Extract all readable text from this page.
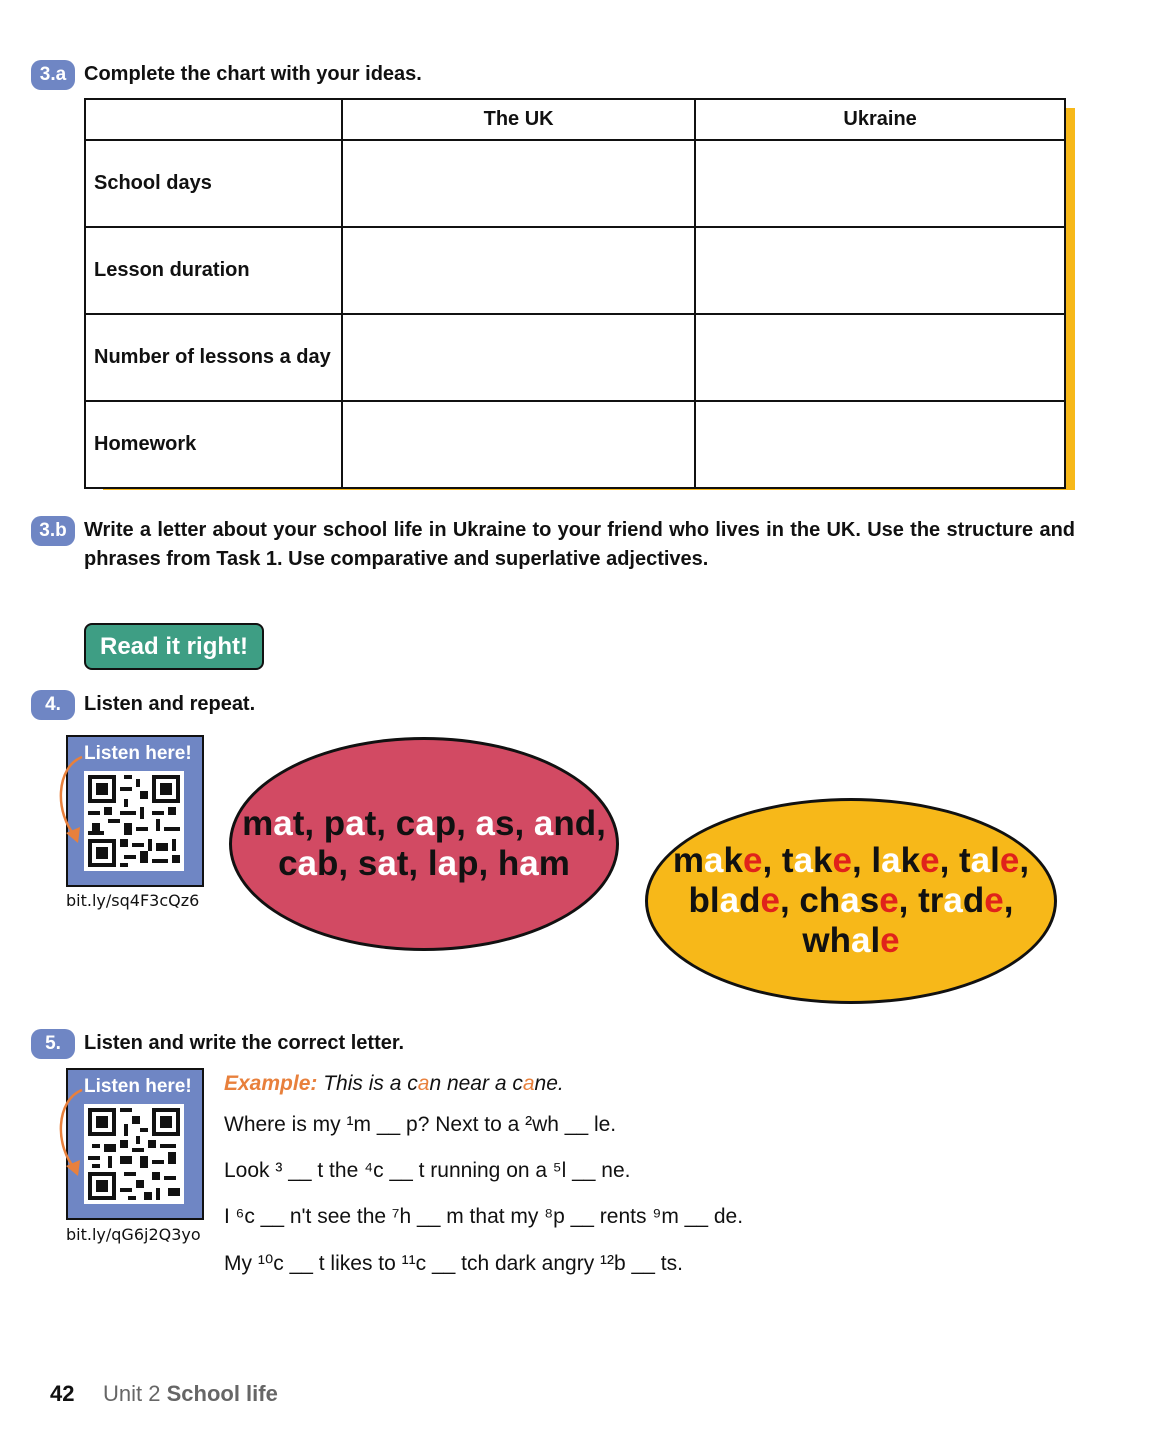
3.a Complete the chart with your ideas.
	The UK	Ukraine
School days		
Lesson duration		
Number of lessons a day		
Homework		
3.b Write a letter about your school life in Ukraine to your friend who lives in the UK. Use the structure and
phrases from Task 1. Use comparative and superlative adjectives.
Read it right!
4.	Listen and repeat.
Listen here!
bit.ly/sq4F3cQz6
mat, pat, cap, as, and,
cab, sat, lap, ham	make, take, lake, tale,
blade, chase, trade,
whale
5.	Listen and write the correct letter.
Listen here!
bit.ly/qG6j2Q3yo
Example: This is a can near a cane.
Where is my ¹m __ p? Next to a ²wh __ le.
Look ³ __ t the ⁴c __ t running on a ⁵l __ ne.
I ⁶c __ n't see the ⁷h __ m that my ⁸p __ rents ⁹m __ de.
My ¹⁰c __ t likes to ¹¹c __ tch dark angry ¹²b __ ts.
42 Unit 2 School life
